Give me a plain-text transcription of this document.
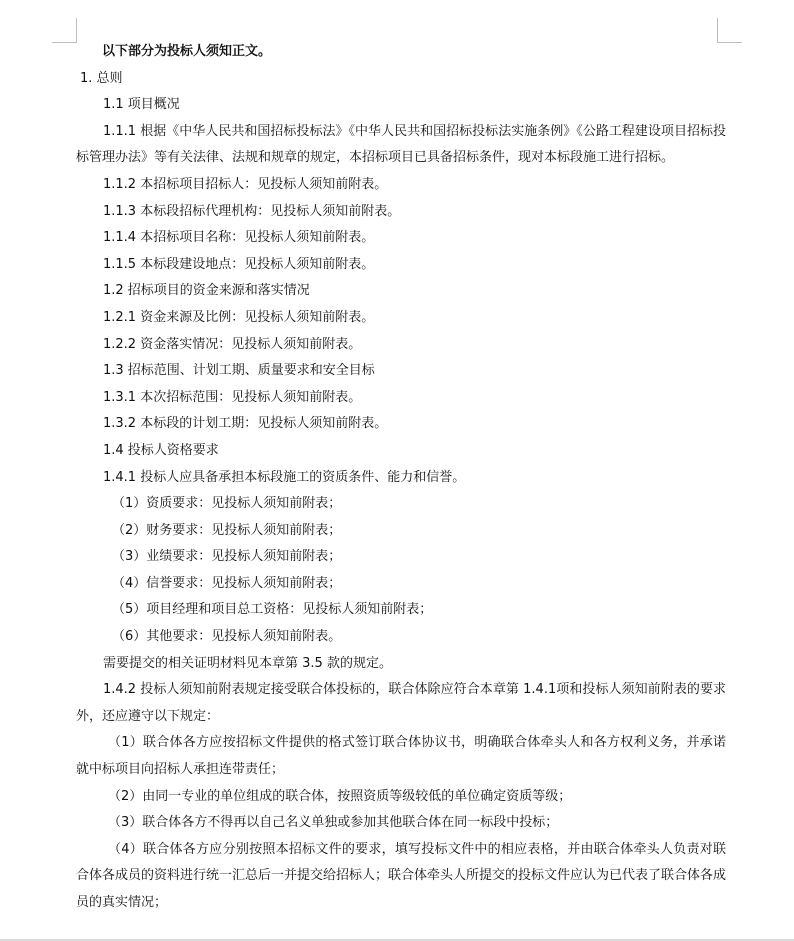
以下部分为投标人须知正文。
1. 总则
1.1 项目概况
1.1.1 根据《中华人民共和国招标投标法》《中华人民共和国招标投标法实施条例》《公路工程建设项目招标投标管理办法》等有关法律、法规和规章的规定，本招标项目已具备招标条件，现对本标段施工进行招标。
1.1.2 本招标项目招标人：见投标人须知前附表。
1.1.3 本标段招标代理机构：见投标人须知前附表。
1.1.4 本招标项目名称：见投标人须知前附表。
1.1.5 本标段建设地点：见投标人须知前附表。
1.2 招标项目的资金来源和落实情况
1.2.1 资金来源及比例：见投标人须知前附表。
1.2.2 资金落实情况：见投标人须知前附表。
1.3 招标范围、计划工期、质量要求和安全目标
1.3.1 本次招标范围：见投标人须知前附表。
1.3.2 本标段的计划工期：见投标人须知前附表。
1.4 投标人资格要求
1.4.1 投标人应具备承担本标段施工的资质条件、能力和信誉。
（1）资质要求：见投标人须知前附表；
（2）财务要求：见投标人须知前附表；
（3）业绩要求：见投标人须知前附表；
（4）信誉要求：见投标人须知前附表；
（5）项目经理和项目总工资格：见投标人须知前附表；
（6）其他要求：见投标人须知前附表。
需要提交的相关证明材料见本章第 3.5 款的规定。
1.4.2 投标人须知前附表规定接受联合体投标的，联合体除应符合本章第 1.4.1项和投标人须知前附表的要求外，还应遵守以下规定：
（1）联合体各方应按招标文件提供的格式签订联合体协议书，明确联合体牵头人和各方权利义务，并承诺就中标项目向招标人承担连带责任；
（2）由同一专业的单位组成的联合体，按照资质等级较低的单位确定资质等级；
（3）联合体各方不得再以自己名义单独或参加其他联合体在同一标段中投标；
（4）联合体各方应分别按照本招标文件的要求，填写投标文件中的相应表格，并由联合体牵头人负责对联合体各成员的资料进行统一汇总后一并提交给招标人；联合体牵头人所提交的投标文件应认为已代表了联合体各成员的真实情况；
